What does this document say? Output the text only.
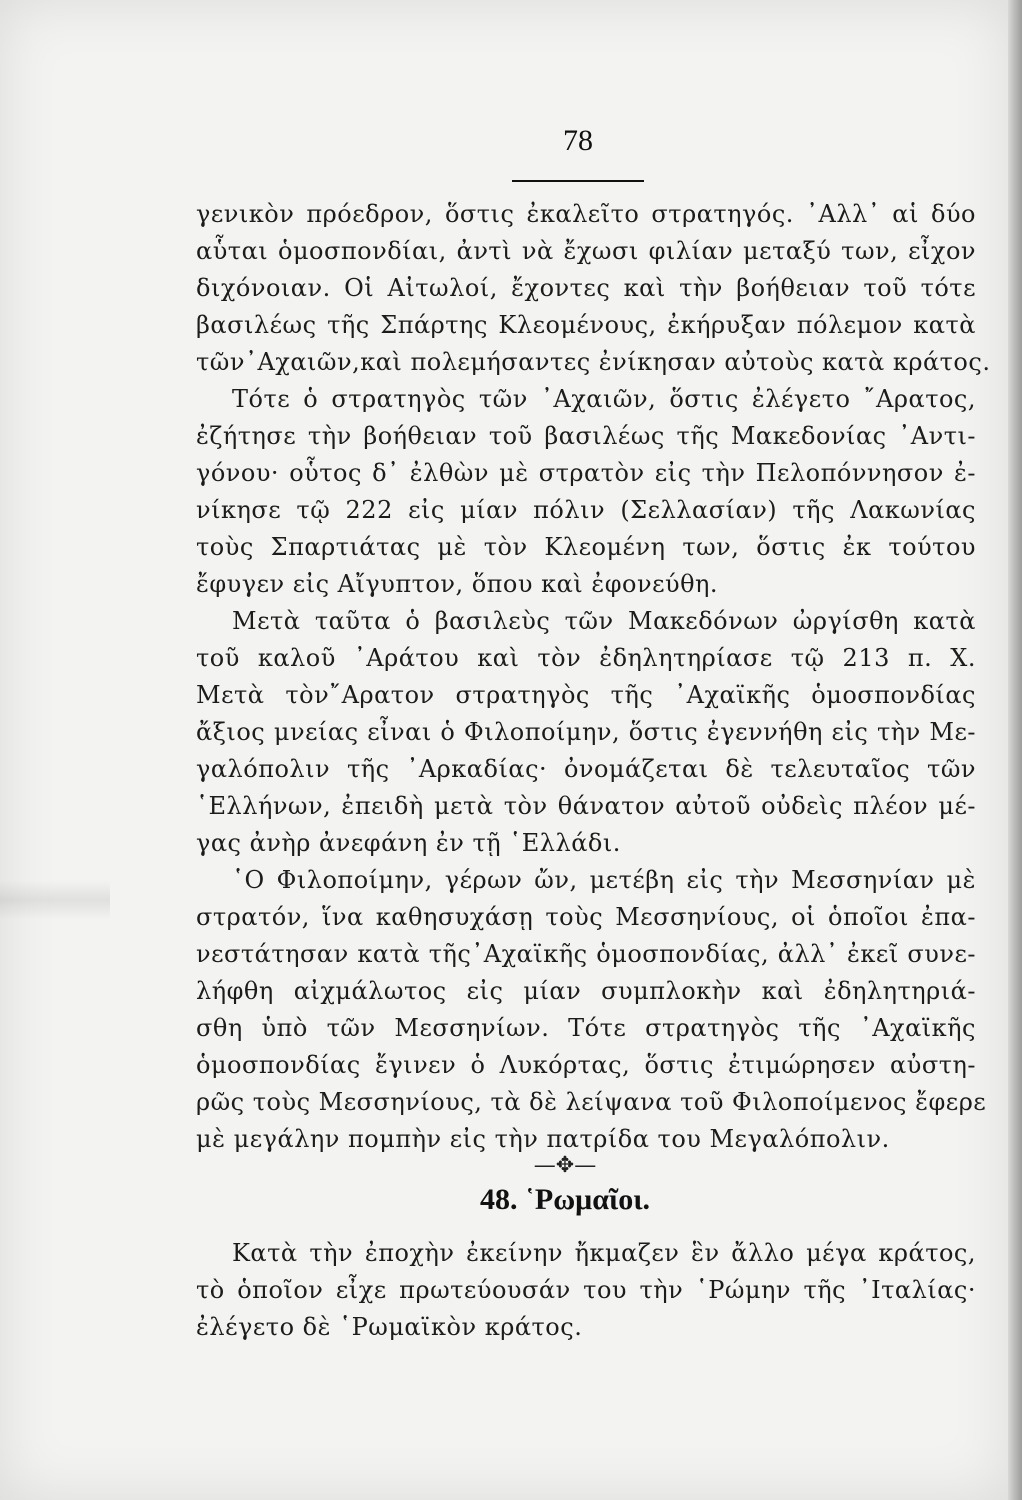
78
γενικὸν πρόεδρον, ὅστις ἐκαλεῖτο στρατηγός. ᾿Αλλ᾿ αἱ δύο
αὗται ὁμοσπονδίαι, ἀντὶ νὰ ἔχωσι φιλίαν μεταξύ των, εἶχον
διχόνοιαν. Οἱ Αἰτωλοί, ἔχοντες καὶ τὴν βοήθειαν τοῦ τότε
βασιλέως τῆς Σπάρτης Κλεομένους, ἐκήρυξαν πόλεμον κατὰ
τῶν᾿Αχαιῶν,καὶ πολεμήσαντες ἐνίκησαν αὐτοὺς κατὰ κράτος.
Τότε ὁ στρατηγὸς τῶν ᾿Αχαιῶν, ὅστις ἐλέγετο ῎Αρατος,
ἐζήτησε τὴν βοήθειαν τοῦ βασιλέως τῆς Μακεδονίας ᾿Αντι-
γόνου· οὗτος δ᾿ ἐλθὼν μὲ στρατὸν εἰς τὴν Πελοπόννησον ἐ-
νίκησε τῷ 222 εἰς μίαν πόλιν (Σελλασίαν) τῆς Λακωνίας
τοὺς Σπαρτιάτας μὲ τὸν Κλεομένη των, ὅστις ἐκ τούτου
ἔφυγεν εἰς Αἴγυπτον, ὅπου καὶ ἐφονεύθη.
Μετὰ ταῦτα ὁ βασιλεὺς τῶν Μακεδόνων ὠργίσθη κατὰ
τοῦ καλοῦ ᾿Αράτου καὶ τὸν ἐδηλητηρίασε τῷ 213 π. Χ.
Μετὰ τὸν῎Αρατον στρατηγὸς τῆς ᾿Αχαϊκῆς ὁμοσπονδίας
ἄξιος μνείας εἶναι ὁ Φιλοποίμην, ὅστις ἐγεννήθη εἰς τὴν Με-
γαλόπολιν τῆς ᾿Αρκαδίας· ὀνομάζεται δὲ τελευταῖος τῶν
῾Ελλήνων, ἐπειδὴ μετὰ τὸν θάνατον αὐτοῦ οὐδεὶς πλέον μέ-
γας ἀνὴρ ἀνεφάνη ἐν τῇ ῾Ελλάδι.
῾Ο Φιλοποίμην, γέρων ὤν, μετέβη εἰς τὴν Μεσσηνίαν μὲ
στρατόν, ἵνα καθησυχάσῃ τοὺς Μεσσηνίους, οἱ ὁποῖοι ἐπα-
νεστάτησαν κατὰ τῆς᾿Αχαϊκῆς ὁμοσπονδίας, ἀλλ᾿ ἐκεῖ συνε-
λήφθη αἰχμάλωτος εἰς μίαν συμπλοκὴν καὶ ἐδηλητηριά-
σθη ὑπὸ τῶν Μεσσηνίων. Τότε στρατηγὸς τῆς ᾿Αχαϊκῆς
ὁμοσπονδίας ἔγινεν ὁ Λυκόρτας, ὅστις ἐτιμώρησεν αὐστη-
ρῶς τοὺς Μεσσηνίους, τὰ δὲ λείψανα τοῦ Φιλοποίμενος ἔφερε
μὲ μεγάλην πομπὴν εἰς τὴν πατρίδα του Μεγαλόπολιν.
—✥—
48. ῾Ρωμαῖοι.
Κατὰ τὴν ἐποχὴν ἐκείνην ἤκμαζεν ἓν ἄλλο μέγα κράτος,
τὸ ὁποῖον εἶχε πρωτεύουσάν του τὴν ῾Ρώμην τῆς ᾿Ιταλίας·
ἐλέγετο δὲ ῾Ρωμαϊκὸν κράτος.
